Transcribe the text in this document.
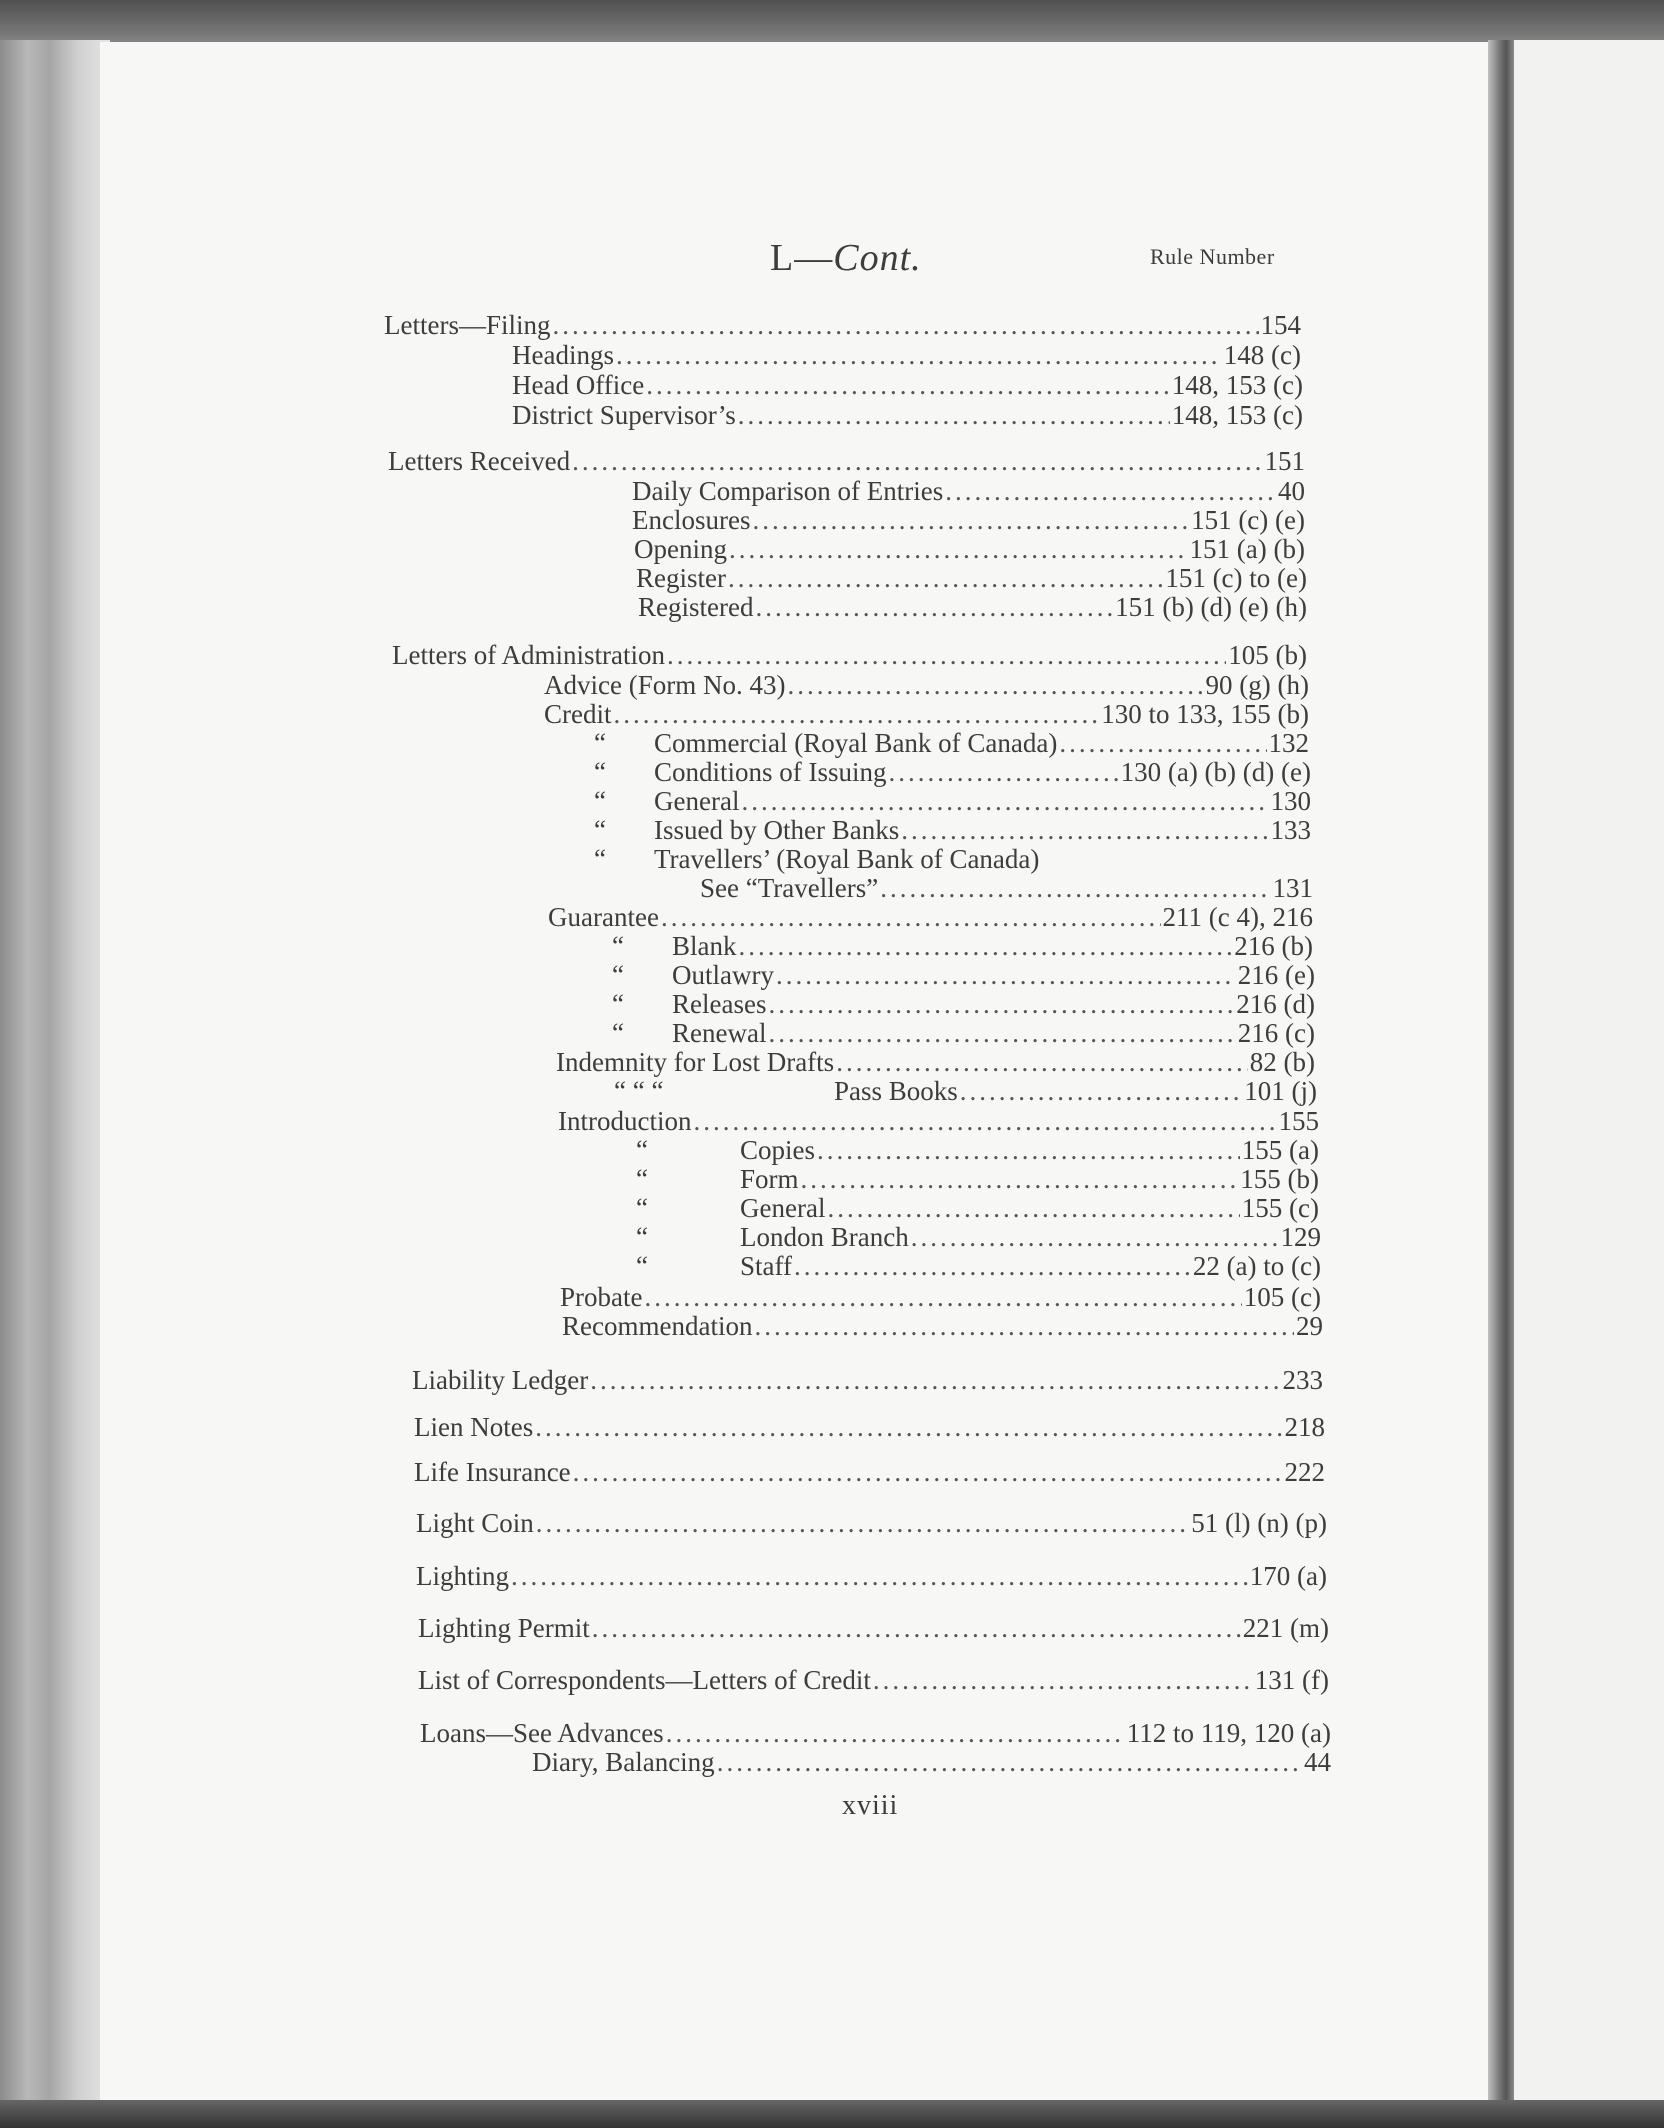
L—Cont.	Rule Number
Letters—Filing .....	154
Headings .....	148 (c)
Head Office .....	148, 153 (c)
District Supervisor’s .....	148, 153 (c)
Letters Received .....	151
Daily Comparison of Entries .....	40
Enclosures .....	151 (c) (e)
Opening .....	151 (a) (b)
Register .....	151 (c) to (e)
Registered .....	151 (b) (d) (e) (h)
Letters of Administration .....	105 (b)
Advice (Form No. 43) .....	90 (g) (h)
Credit .....	130 to 133, 155 (b)
“ Commercial (Royal Bank of Canada) .....	132
“ Conditions of Issuing .....	130 (a) (b) (d) (e)
“ General .....	130
“ Issued by Other Banks .....	133
“ Travellers’ (Royal Bank of Canada)
See “Travellers” .....	131
Guarantee .....	211 (c 4), 216
“ Blank .....	216 (b)
“ Outlawry .....	216 (e)
“ Releases .....	216 (d)
“ Renewal .....	216 (c)
Indemnity for Lost Drafts .....	82 (b)
“ “ “	Pass Books .....	101 (j)
Introduction .....	155
“	Copies .....	155 (a)
“	Form .....	155 (b)
“	General .....	155 (c)
“	London Branch .....	129
“	Staff .....	22 (a) to (c)
Probate .....	105 (c)
Recommendation .....	29
Liability Ledger .....	233
Lien Notes .....	218
Life Insurance .....	222
Light Coin .....	51 (l) (n) (p)
Lighting .....	170 (a)
Lighting Permit .....	221 (m)
List of Correspondents—Letters of Credit .....	131 (f)
Loans—See Advances .....	112 to 119, 120 (a)
Diary, Balancing .....	44
xviii
